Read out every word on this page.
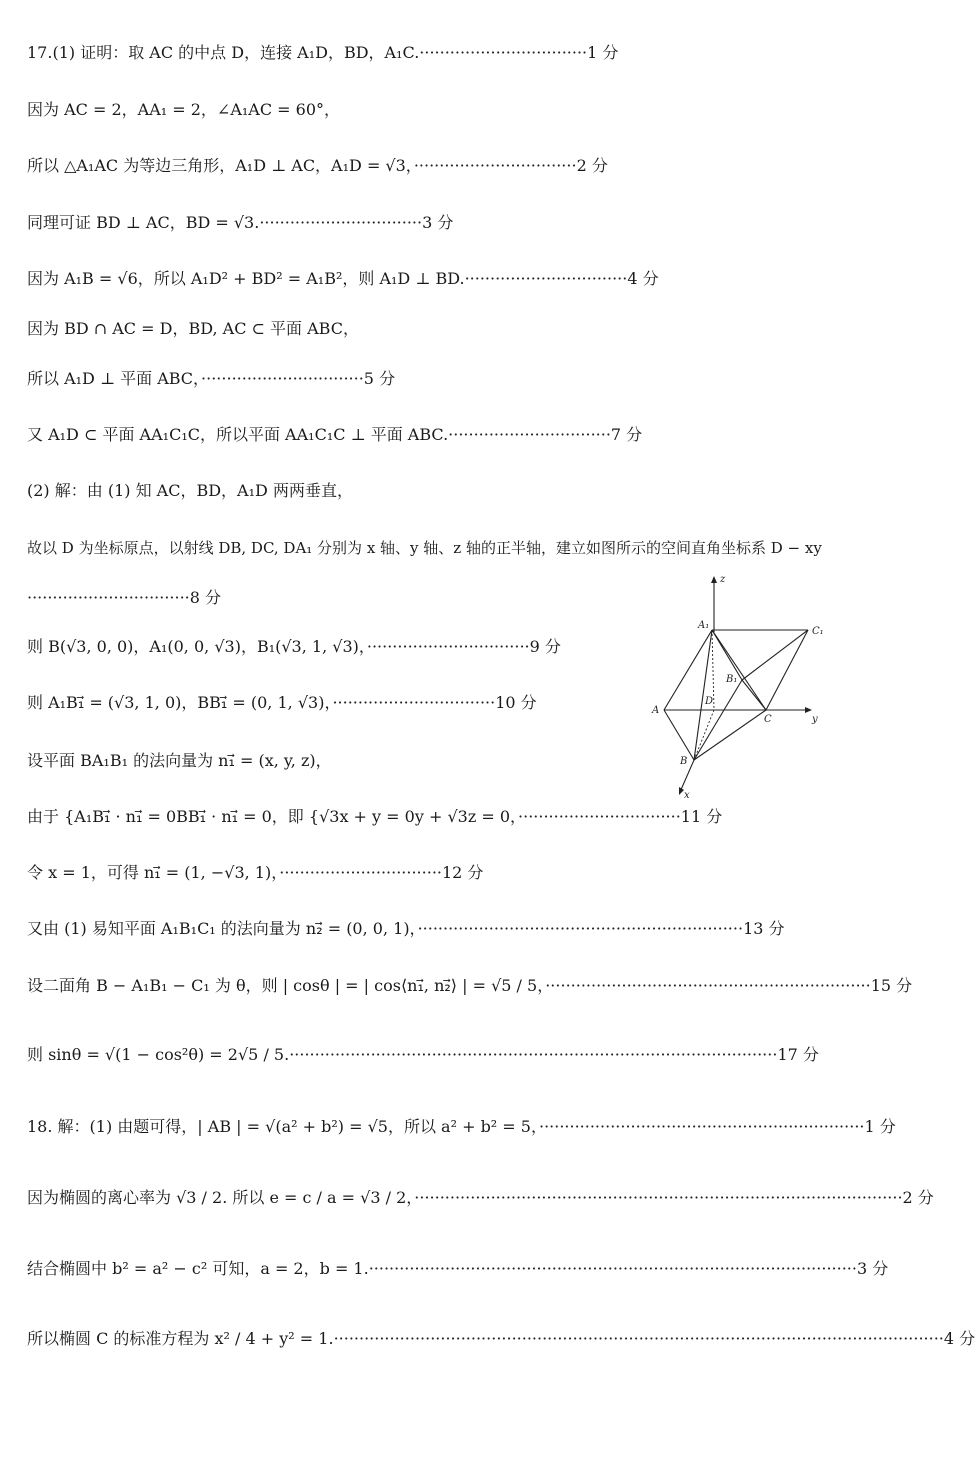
17.(1) 证明：取 AC 的中点 D，连接 A₁D，BD，A₁C.·································1 分
因为 AC = 2，AA₁ = 2，∠A₁AC = 60°，
所以 △A₁AC 为等边三角形，A₁D ⊥ AC，A₁D = √3，································2 分
同理可证 BD ⊥ AC，BD = √3.································3 分
因为 A₁B = √6，所以 A₁D² + BD² = A₁B²，则 A₁D ⊥ BD.································4 分
因为 BD ∩ AC = D，BD, AC ⊂ 平面 ABC，
所以 A₁D ⊥ 平面 ABC，································5 分
又 A₁D ⊂ 平面 AA₁C₁C，所以平面 AA₁C₁C ⊥ 平面 ABC.································7 分
(2) 解：由 (1) 知 AC，BD，A₁D 两两垂直，
故以 D 为坐标原点，以射线 DB, DC, DA₁ 分别为 x 轴、y 轴、z 轴的正半轴，建立如图所示的空间直角坐标系 D − xy
································8 分
则 B(√3, 0, 0)，A₁(0, 0, √3)，B₁(√3, 1, √3)，································9 分
则 A₁B₁⃗ = (√3, 1, 0)，BB₁⃗ = (0, 1, √3)，································10 分
设平面 BA₁B₁ 的法向量为 n₁⃗ = (x, y, z)，
由于 {A₁B₁⃗ · n₁⃗ = 0BB₁⃗ · n₁⃗ = 0，即 {√3x + y = 0y + √3z = 0，································11 分
令 x = 1，可得 n₁⃗ = (1, −√3, 1)，································12 分
又由 (1) 易知平面 A₁B₁C₁ 的法向量为 n₂⃗ = (0, 0, 1)，································································13 分
设二面角 B − A₁B₁ − C₁ 为 θ，则 | cosθ | = | cos⟨n₁⃗, n₂⃗⟩ | = √5 / 5，································································15 分
则 sinθ = √(1 − cos²θ) = 2√5 / 5.································································································17 分
18. 解：(1) 由题可得，| AB | = √(a² + b²) = √5，所以 a² + b² = 5，································································1 分
因为椭圆的离心率为 √3 / 2. 所以 e = c / a = √3 / 2，································································································2 分
结合椭圆中 b² = a² − c² 可知，a = 2，b = 1.································································································3 分
所以椭圆 C 的标准方程为 x² / 4 + y² = 1.························································································································4 分
z
y
x
A₁
C₁
B₁
D
A
C
B
